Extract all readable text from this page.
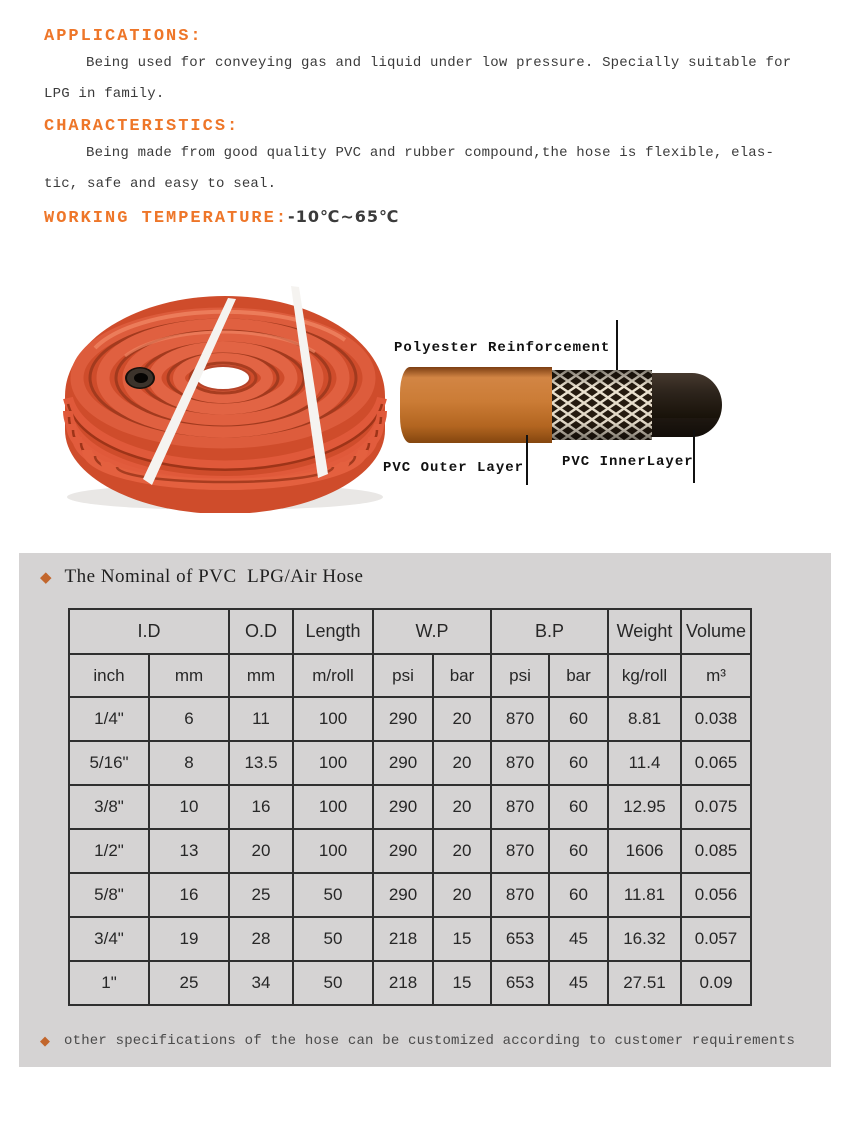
APPLICATIONS:
Being used for conveying gas and liquid under low pressure. Specially suitable for
LPG in family.
CHARACTERISTICS:
Being made from good quality PVC and rubber compound,the hose is flexible, elas-
tic, safe and easy to seal.
WORKING TEMPERATURE:-10℃~65℃
Polyester Reinforcement
PVC Outer Layer	PVC InnerLayer
◆ The Nominal of PVC  LPG/Air Hose
I.D		O.D	Length	W.P		B.P		Weight	Volume
inch	mm	mm	m/roll	psi	bar	psi	bar	kg/roll	m³
1/4"	6	11	100	290	20	870	60	8.81	0.038
5/16"	8	13.5	100	290	20	870	60	11.4	0.065
3/8"	10	16	100	290	20	870	60	12.95	0.075
1/2"	13	20	100	290	20	870	60	1606	0.085
5/8"	16	25	50	290	20	870	60	11.81	0.056
3/4"	19	28	50	218	15	653	45	16.32	0.057
1"	25	34	50	218	15	653	45	27.51	0.09
◆ other specifications of the hose can be customized according to customer requirements
